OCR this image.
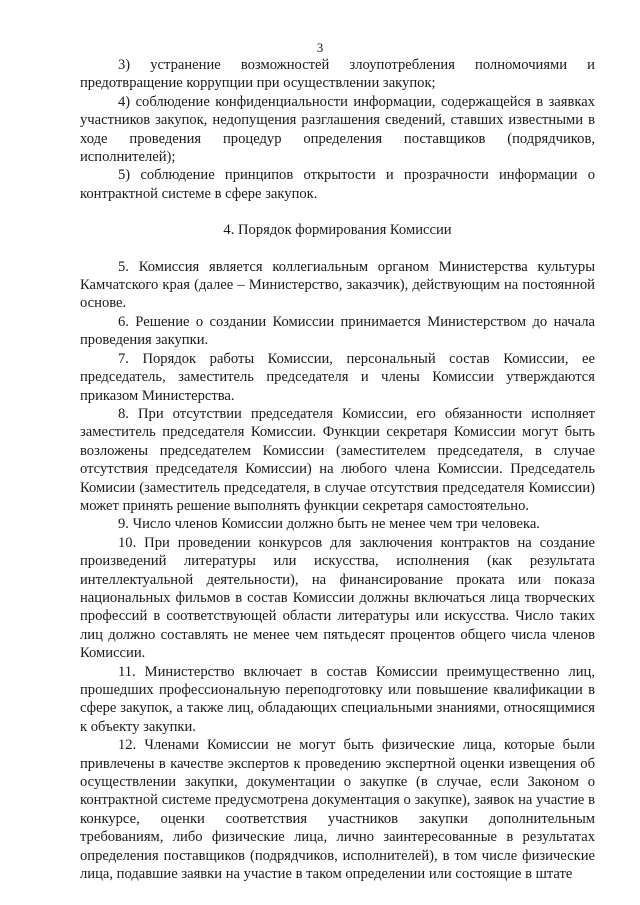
3

3) устранение возможностей злоупотребления полномочиями и предотвращение коррупции при осуществлении закупок;

4) соблюдение конфиденциальности информации, содержащейся в заявках участников закупок, недопущения разглашения сведений, ставших известными в ходе проведения процедур определения поставщиков (подрядчиков, исполнителей);

5) соблюдение принципов открытости и прозрачности информации о контрактной системе в сфере закупок.

4. Порядок формирования Комиссии

5. Комиссия является коллегиальным органом Министерства культуры Камчатского края (далее – Министерство, заказчик), действующим на постоянной основе.

6. Решение о создании Комиссии принимается Министерством до начала проведения закупки.

7. Порядок работы Комиссии, персональный состав Комиссии, ее председатель, заместитель председателя и члены Комиссии утверждаются приказом Министерства.

8. При отсутствии председателя Комиссии, его обязанности исполняет заместитель председателя Комиссии. Функции секретаря Комиссии могут быть возложены председателем Комиссии (заместителем председателя, в случае отсутствия председателя Комиссии) на любого члена Комиссии. Председатель Комисии (заместитель председателя, в случае отсутствия председателя Комиссии) может принять решение выполнять функции секретаря самостоятельно.

9. Число членов Комиссии должно быть не менее чем три человека.

10. При проведении конкурсов для заключения контрактов на создание произведений литературы или искусства, исполнения (как результата интеллектуальной деятельности), на финансирование проката или показа национальных фильмов в состав Комиссии должны включаться лица творческих профессий в соответствующей области литературы или искусства. Число таких лиц должно составлять не менее чем пятьдесят процентов общего числа членов Комиссии.

11. Министерство включает в состав Комиссии преимущественно лиц, прошедших профессиональную переподготовку или повышение квалификации в сфере закупок, а также лиц, обладающих специальными знаниями, относящимися к объекту закупки.

12. Членами Комиссии не могут быть физические лица, которые были привлечены в качестве экспертов к проведению экспертной оценки извещения об осуществлении закупки, документации о закупке (в случае, если Законом о контрактной системе предусмотрена документация о закупке), заявок на участие в конкурсе, оценки соответствия участников закупки дополнительным требованиям, либо физические лица, лично заинтересованные в результатах определения поставщиков (подрядчиков, исполнителей), в том числе физические лица, подавшие заявки на участие в таком определении или состоящие в штате
